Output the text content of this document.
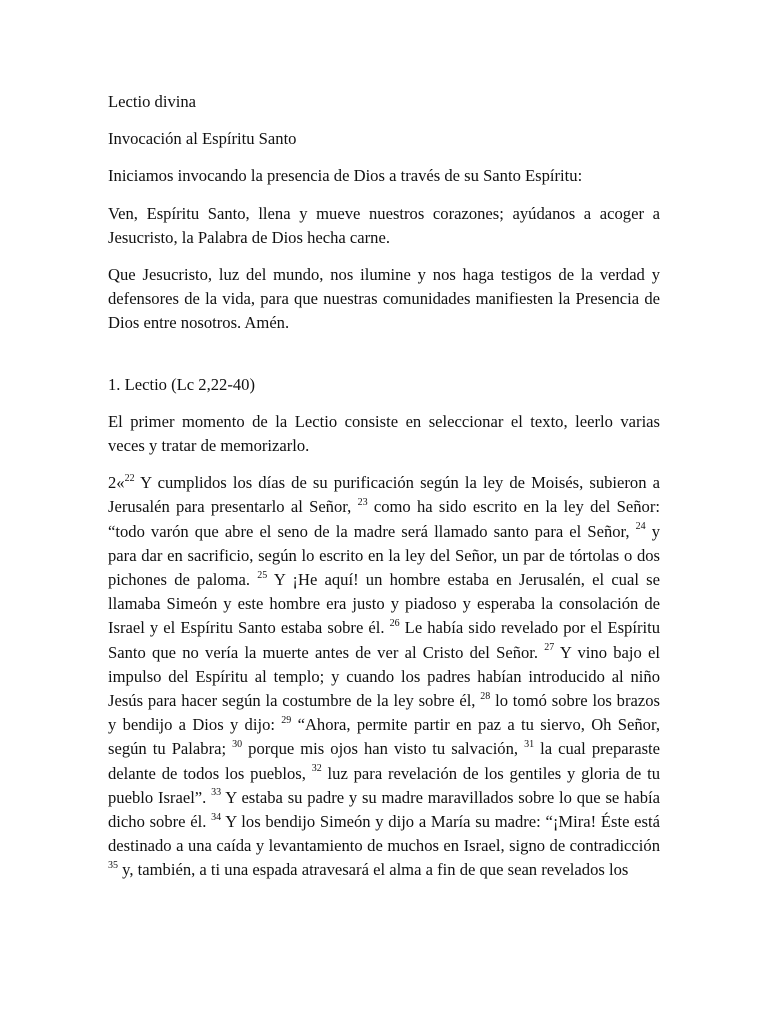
Lectio divina

Invocación al Espíritu Santo

Iniciamos invocando la presencia de Dios a través de su Santo Espíritu:

Ven, Espíritu Santo, llena y mueve nuestros corazones; ayúdanos a acoger a Jesucristo, la Palabra de Dios hecha carne.

Que Jesucristo, luz del mundo, nos ilumine y nos haga testigos de la verdad y defensores de la vida, para que nuestras comunidades manifiesten la Presencia de Dios entre nosotros. Amén.

1. Lectio (Lc 2,22-40)

El primer momento de la Lectio consiste en seleccionar el texto, leerlo varias veces y tratar de memorizarlo.

2«$^{22}$ Y cumplidos los días de su purificación según la ley de Moisés, subieron a Jerusalén para presentarlo al Señor, $^{23}$ como ha sido escrito en la ley del Señor: “todo varón que abre el seno de la madre será llamado santo para el Señor, $^{24}$ y para dar en sacrificio, según lo escrito en la ley del Señor, un par de tórtolas o dos pichones de paloma. $^{25}$ Y ¡He aquí! un hombre estaba en Jerusalén, el cual se llamaba Simeón y este hombre era justo y piadoso y esperaba la consolación de Israel y el Espíritu Santo estaba sobre él. $^{26}$ Le había sido revelado por el Espíritu Santo que no vería la muerte antes de ver al Cristo del Señor. $^{27}$ Y vino bajo el impulso del Espíritu al templo; y cuando los padres habían introducido al niño Jesús para hacer según la costumbre de la ley sobre él, $^{28}$ lo tomó sobre los brazos y bendijo a Dios y dijo: $^{29}$ “Ahora, permite partir en paz a tu siervo, Oh Señor, según tu Palabra; $^{30}$ porque mis ojos han visto tu salvación, $^{31}$ la cual preparaste delante de todos los pueblos, $^{32}$ luz para revelación de los gentiles y gloria de tu pueblo Israel”. $^{33}$ Y estaba su padre y su madre maravillados sobre lo que se había dicho sobre él. $^{34}$ Y los bendijo Simeón y dijo a María su madre: “¡Mira! Éste está destinado a una caída y levantamiento de muchos en Israel, signo de contradicción $^{35}$ y, también, a ti una espada atravesará el alma a fin de que sean revelados los
